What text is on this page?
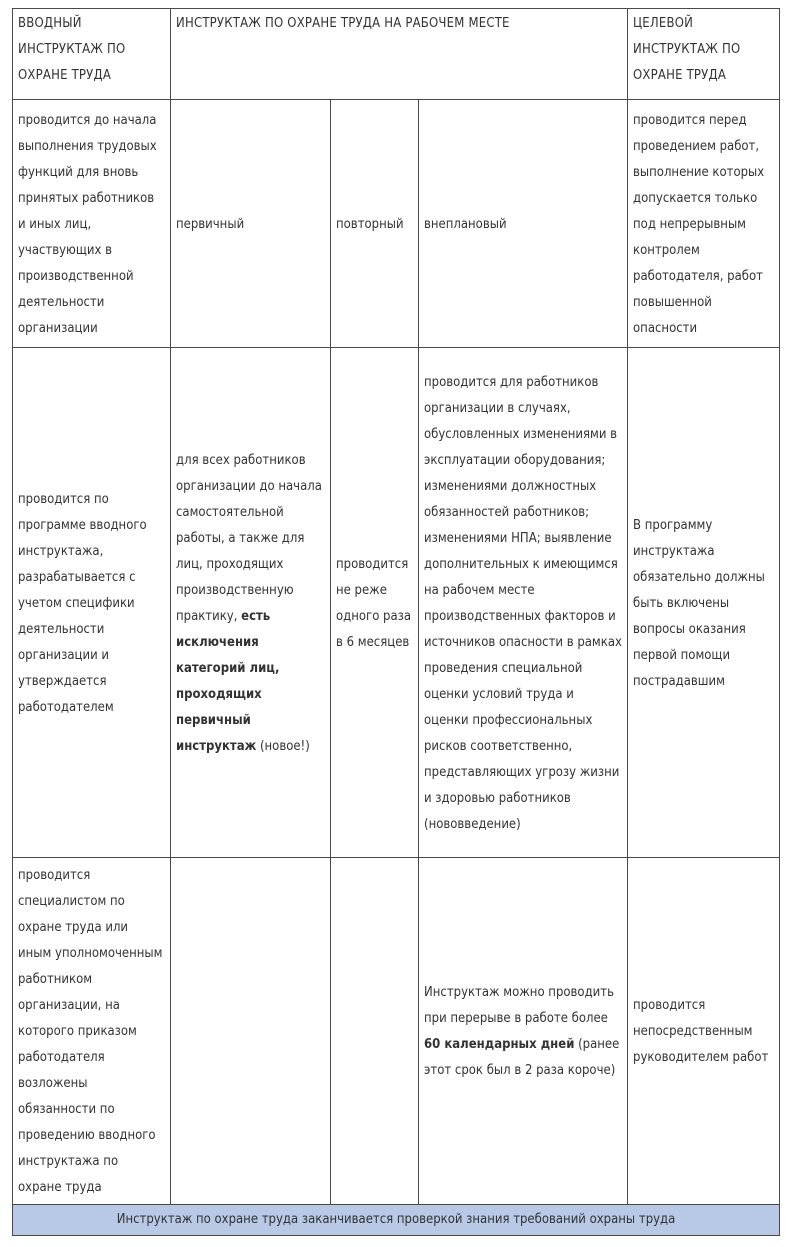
ВВОДНЫЙ ИНСТРУКТАЖ ПО ОХРАНЕ ТРУДА	ИНСТРУКТАЖ ПО ОХРАНЕ ТРУДА НА РАБОЧЕМ МЕСТЕ			ЦЕЛЕВОЙ ИНСТРУКТАЖ ПО ОХРАНЕ ТРУДА
проводится до начала выполнения трудовых функций для вновь принятых работников и иных лиц, участвующих в производственной деятельности организации	первичный	повторный	внеплановый	проводится перед проведением работ, выполнение которых допускается только под непрерывным контролем работодателя, работ повышенной опасности
проводится по программе вводного инструктажа, разрабатывается с учетом специфики деятельности организации и утверждается работодателем	для всех работников организации до начала самостоятельной работы, а также для лиц, проходящих производственную практику, есть исключения категорий лиц, проходящих первичный инструктаж (новое!)	проводится не реже одного раза в 6 месяцев	проводится для работников организации в случаях, обусловленных изменениями в эксплуатации оборудования; изменениями должностных обязанностей работников; изменениями НПА; выявление дополнительных к имеющимся на рабочем месте производственных факторов и источников опасности в рамках проведения специальной оценки условий труда и оценки профессиональных рисков соответственно, представляющих угрозу жизни и здоровью работников (нововведение)	В программу инструктажа обязательно должны быть включены вопросы оказания первой помощи пострадавшим
проводится специалистом по охране труда или иным уполномоченным работником организации, на которого приказом работодателя возложены обязанности по проведению вводного инструктажа по охране труда			Инструктаж можно проводить при перерыве в работе более 60 календарных дней (ранее этот срок был в 2 раза короче)	проводится непосредственным руководителем работ
Инструктаж по охране труда заканчивается проверкой знания требований охраны труда				
